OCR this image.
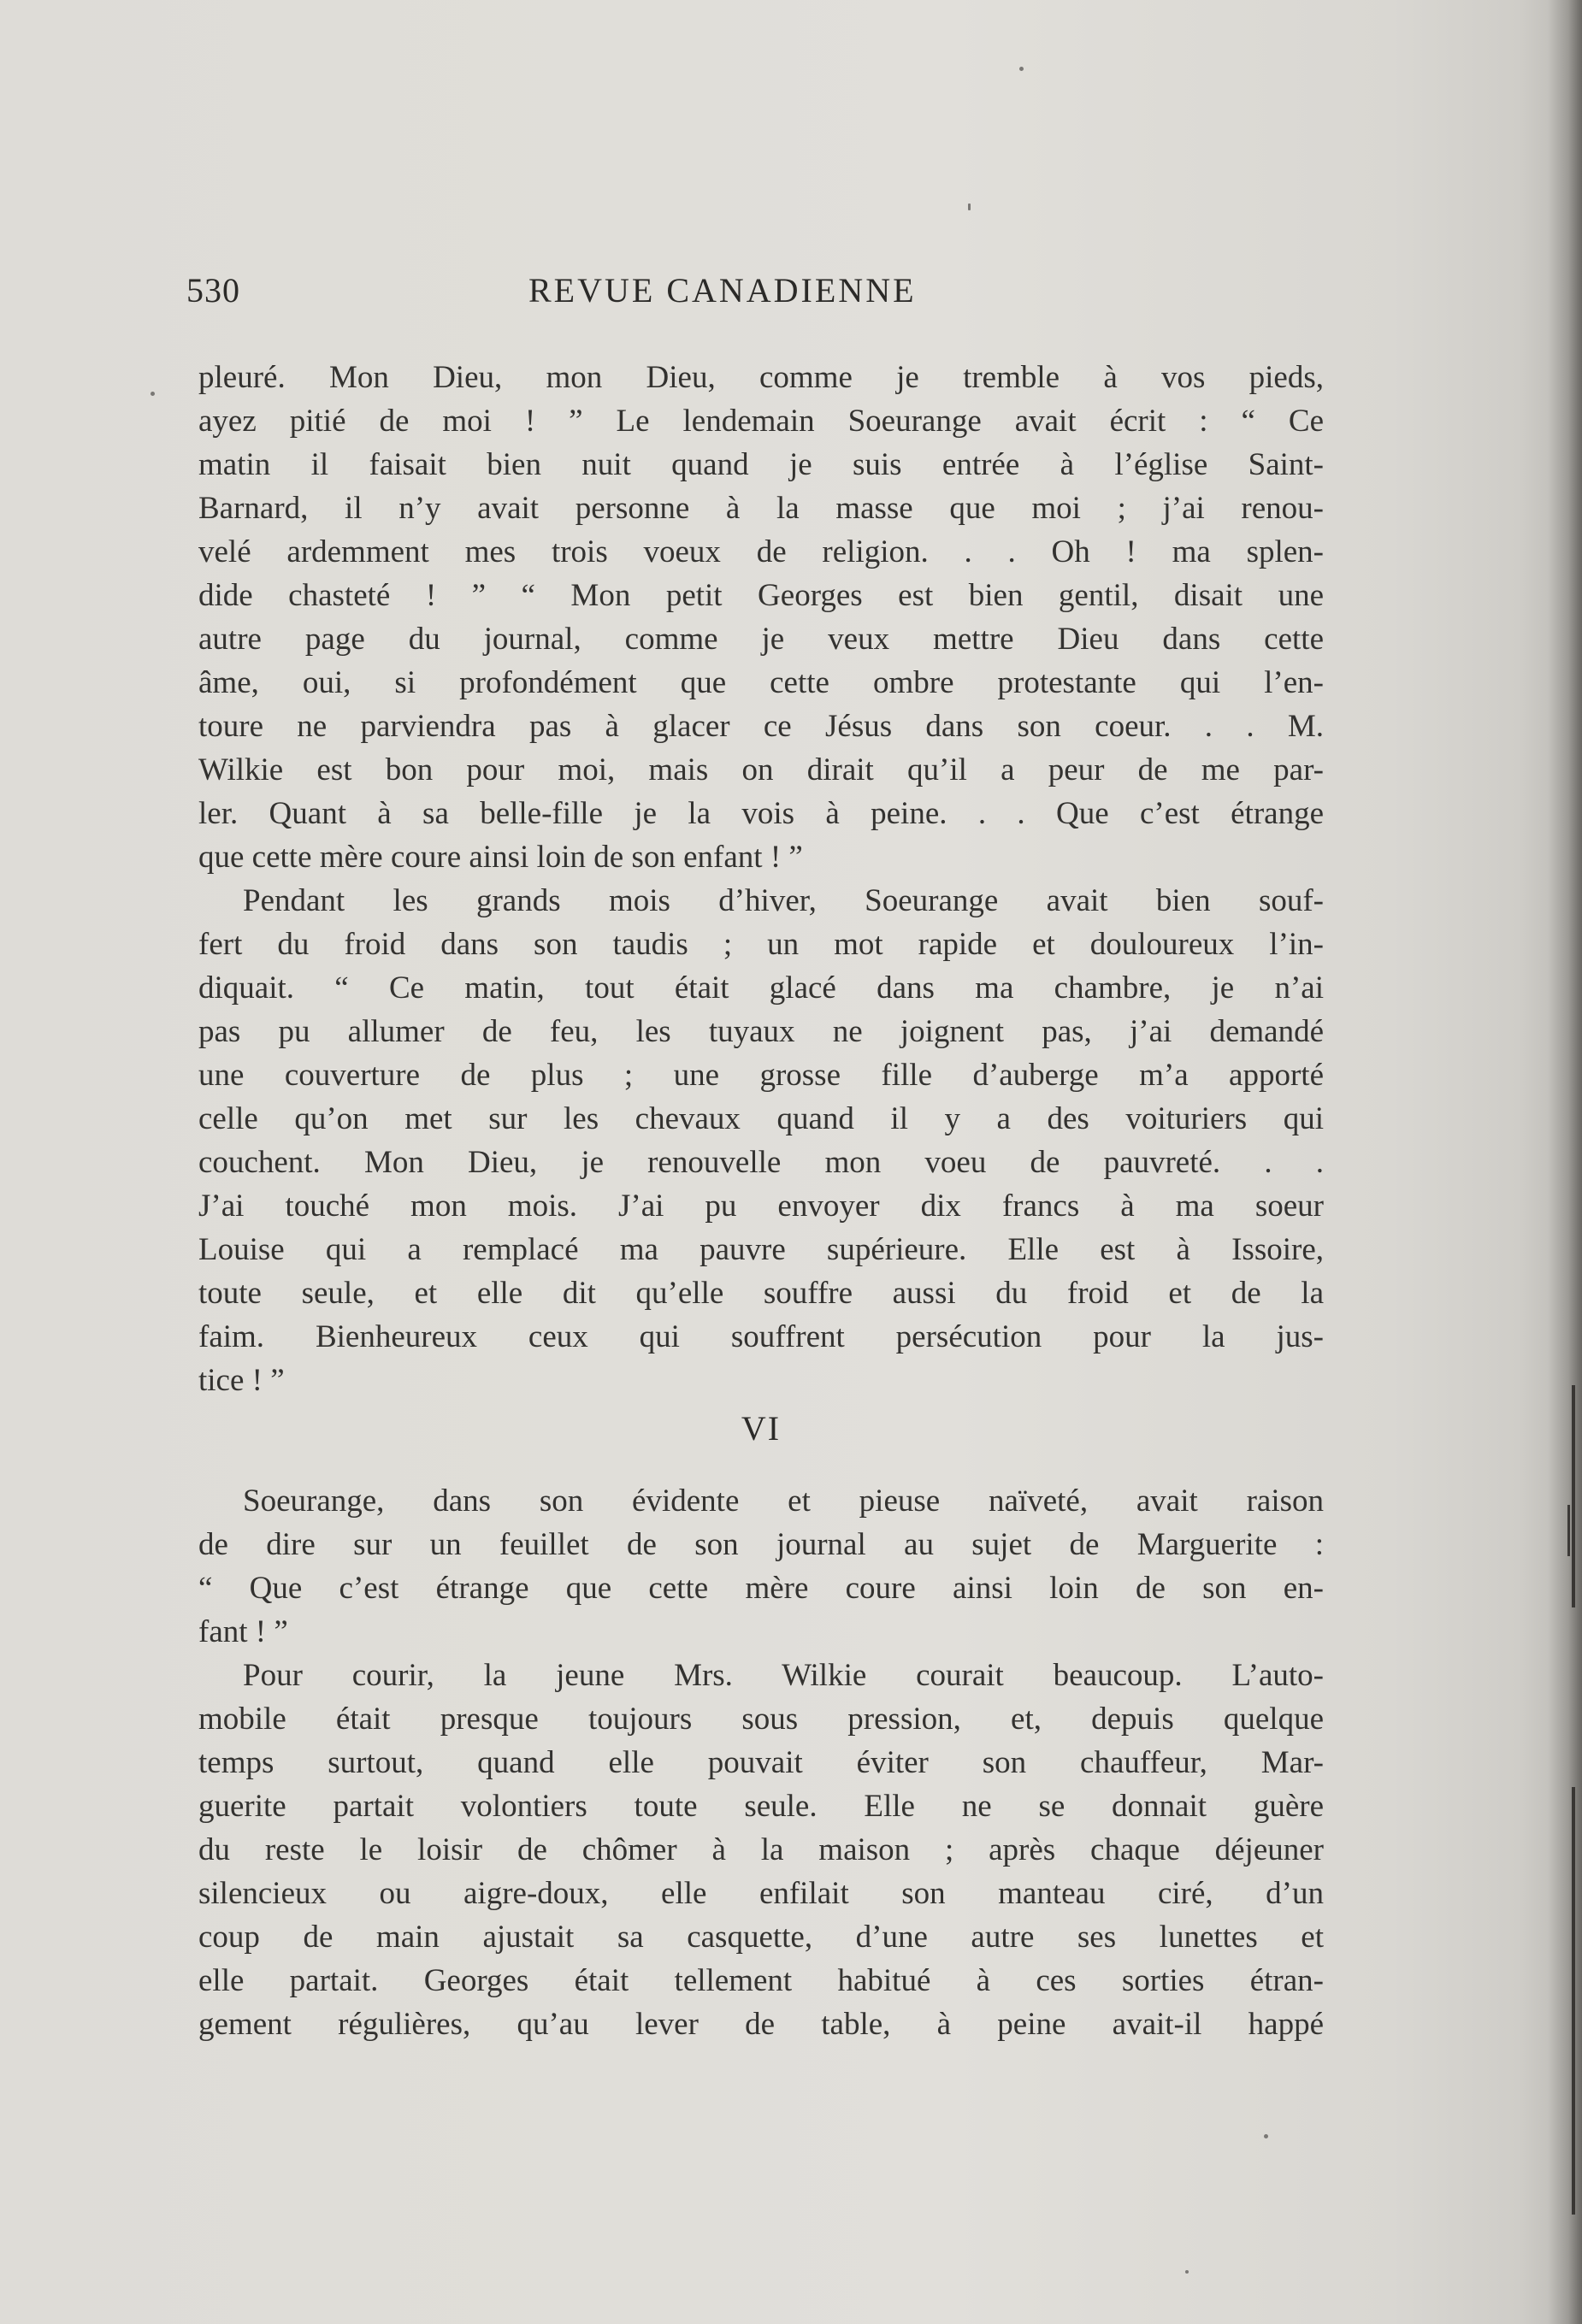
530	REVUE CANADIENNE
pleuré. Mon Dieu, mon Dieu, comme je tremble à vos pieds,
ayez pitié de moi ! ” Le lendemain Soeurange avait écrit : “ Ce
matin il faisait bien nuit quand je suis entrée à l’église Saint-
Barnard, il n’y avait personne à la masse que moi ; j’ai renou-
velé ardemment mes trois voeux de religion. . . Oh ! ma splen-
dide chasteté ! ” “ Mon petit Georges est bien gentil, disait une
autre page du journal, comme je veux mettre Dieu dans cette
âme, oui, si profondément que cette ombre protestante qui l’en-
toure ne parviendra pas à glacer ce Jésus dans son coeur. . . M.
Wilkie est bon pour moi, mais on dirait qu’il a peur de me par-
ler. Quant à sa belle-fille je la vois à peine. . . Que c’est étrange
que cette mère coure ainsi loin de son enfant ! ”
Pendant les grands mois d’hiver, Soeurange avait bien souf-
fert du froid dans son taudis ; un mot rapide et douloureux l’in-
diquait. “ Ce matin, tout était glacé dans ma chambre, je n’ai
pas pu allumer de feu, les tuyaux ne joignent pas, j’ai demandé
une couverture de plus ; une grosse fille d’auberge m’a apporté
celle qu’on met sur les chevaux quand il y a des voituriers qui
couchent. Mon Dieu, je renouvelle mon voeu de pauvreté. . .
J’ai touché mon mois. J’ai pu envoyer dix francs à ma soeur
Louise qui a remplacé ma pauvre supérieure. Elle est à Issoire,
toute seule, et elle dit qu’elle souffre aussi du froid et de la
faim. Bienheureux ceux qui souffrent persécution pour la jus-
tice ! ”
VI
Soeurange, dans son évidente et pieuse naïveté, avait raison
de dire sur un feuillet de son journal au sujet de Marguerite :
“ Que c’est étrange que cette mère coure ainsi loin de son en-
fant ! ”
Pour courir, la jeune Mrs. Wilkie courait beaucoup. L’auto-
mobile était presque toujours sous pression, et, depuis quelque
temps surtout, quand elle pouvait éviter son chauffeur, Mar-
guerite partait volontiers toute seule. Elle ne se donnait guère
du reste le loisir de chômer à la maison ; après chaque déjeuner
silencieux ou aigre-doux, elle enfilait son manteau ciré, d’un
coup de main ajustait sa casquette, d’une autre ses lunettes et
elle partait. Georges était tellement habitué à ces sorties étran-
gement régulières, qu’au lever de table, à peine avait-il happé
